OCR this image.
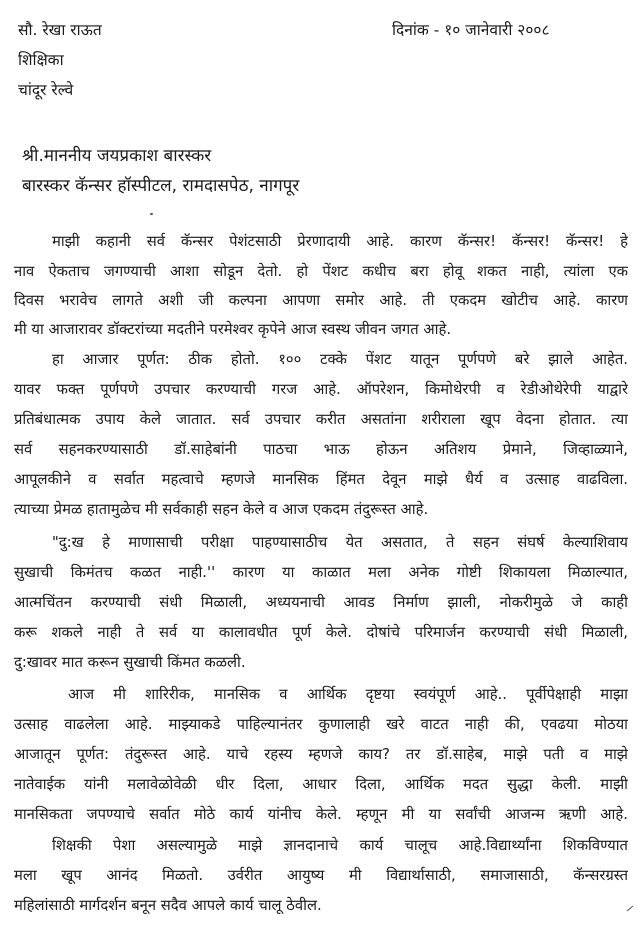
सौ. रेखा राऊत
शिक्षिका
चांदूर रेल्वे
दिनांक - १० जानेवारी २००८
श्री.माननीय जयप्रकाश बारस्कर
बारस्कर कॅन्सर हॉस्पीटल, रामदासपेठ, नागपूर
माझी कहानी सर्व कॅन्सर पेशंटसाठी प्रेरणादायी आहे. कारण कॅन्सर! कॅन्सर! कॅन्सर! हे
नाव ऐकताच जगण्याची आशा सोडून देतो. हो पेंशट कधीच बरा होवू शकत नाही, त्यांला एक
दिवस भरावेच लागते अशी जी कल्पना आपणा समोर आहे. ती एकदम खोटीच आहे. कारण
मी या आजारावर डॉक्टरांच्या मदतीने परमेश्वर कृपेने आज स्वस्थ जीवन जगत आहे.
हा आजार पूर्णत: ठीक होतो. १०० टक्के पेंशट यातून पूर्णपणे बरे झाले आहेत.
यावर फक्त पूर्णपणे उपचार करण्याची गरज आहे. ऑपरेशन, किमोथेरपी व रेडीओथेरेपी याद्वारे
प्रतिबंधात्मक उपाय केले जातात. सर्व उपचार करीत असतांना शरीराला खूप वेदना होतात. त्या
सर्व सहनकरण्यासाठी डॉ.साहेबांनी पाठचा भाऊ होऊन अतिशय प्रेमाने, जिव्हाळ्याने,
आपूलकीने व सर्वात महत्वाचे म्हणजे मानसिक हिंमत देवून माझे धैर्य व उत्साह वाढविला.
त्याच्या प्रेमळ हातामुळेच मी सर्वकाही सहन केले व आज एकदम तंदुरूस्त आहे.
"दु:ख हे माणासाची परीक्षा पाहण्यासाठीच येत असतात, ते सहन संघर्ष केल्याशिवाय
सुखाची किमंतच कळत नाही.'' कारण या काळात मला अनेक गोष्टी शिकायला मिळाल्यात,
आत्मचिंतन करण्याची संधी मिळाली, अध्ययनाची आवड निर्माण झाली, नोकरीमुळे जे काही
करू शकले नाही ते सर्व या कालावधीत पूर्ण केले. दोषांचे परिमार्जन करण्याची संधी मिळाली,
दु:खावर मात करून सुखाची किंमत कळली.
आज मी शारिरीक, मानसिक व आर्थिक दृष्टया स्वयंपूर्ण आहे.. पूर्वीपेक्षाही माझा
उत्साह वाढलेला आहे. माझ्याकडे पाहिल्यानंतर कुणालाही खरे वाटत नाही की, एवढया मोठया
आजातून पूर्णत: तंदुरूस्त आहे. याचे रहस्य म्हणजे काय? तर डॉ.साहेब, माझे पती व माझे
नातेवाईक यांनी मलावेळोवेळी धीर दिला, आधार दिला, आर्थिक मदत सुद्धा केली. माझी
मानसिकता जपण्याचे सर्वात मोठे कार्य यांनीच केले. म्हणून मी या सर्वांची आजन्म ऋणी आहे.
शिक्षकी पेशा असल्यामुळे माझे ज्ञानदानाचे कार्य चालूच आहे.विद्यार्थ्यांना शिकविण्यात
मला खूप आनंद मिळतो. उर्वरीत आयुष्य मी विद्यार्थासाठी, समाजासाठी, कॅन्सरग्रस्त
महिलांसाठी मार्गदर्शन बनून सदैव आपले कार्य चालू ठेवील.
